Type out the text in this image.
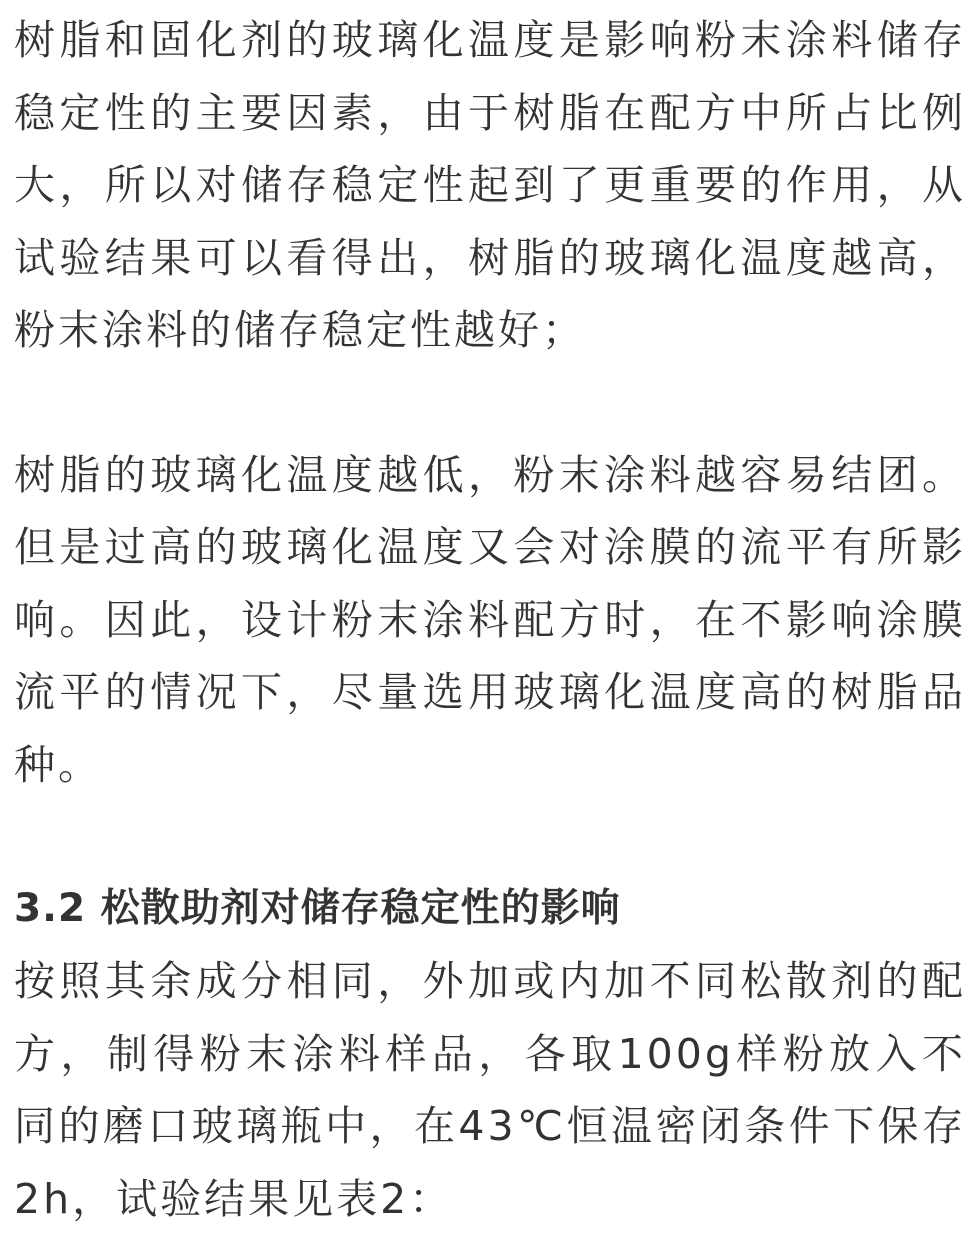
树脂和固化剂的玻璃化温度是影响粉末涂料储存稳定性的主要因素，由于树脂在配方中所占比例大，所以对储存稳定性起到了更重要的作用，从试验结果可以看得出，树脂的玻璃化温度越高，粉末涂料的储存稳定性越好；

树脂的玻璃化温度越低，粉末涂料越容易结团。但是过高的玻璃化温度又会对涂膜的流平有所影响。因此，设计粉末涂料配方时，在不影响涂膜流平的情况下，尽量选用玻璃化温度高的树脂品种。

3.2 松散助剂对储存稳定性的影响

按照其余成分相同，外加或内加不同松散剂的配方，制得粉末涂料样品，各取100g样粉放入不同的磨口玻璃瓶中，在43℃恒温密闭条件下保存2h，试验结果见表2：
